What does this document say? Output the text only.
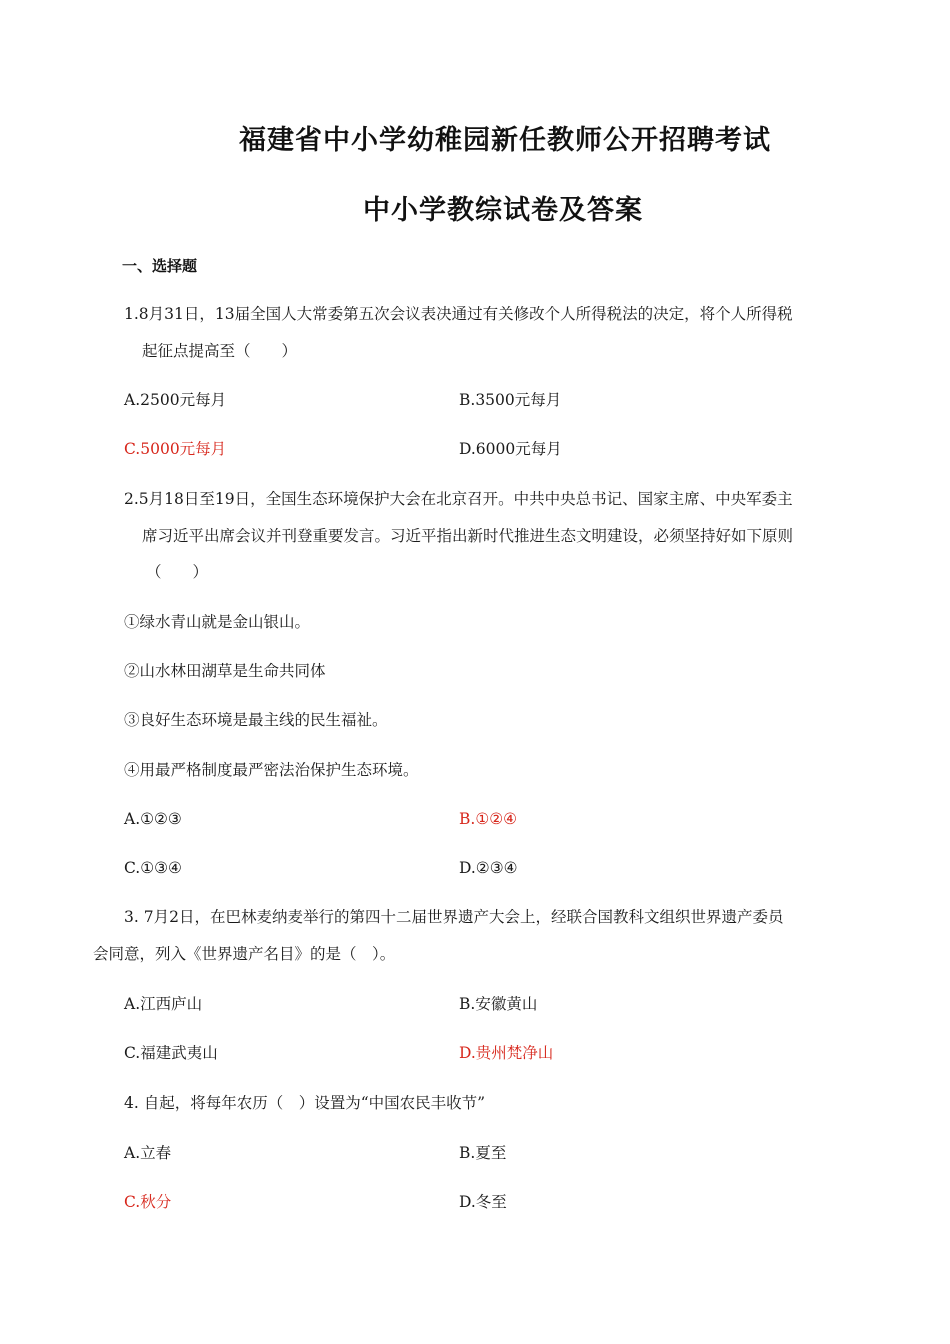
福建省中小学幼稚园新任教师公开招聘考试
中小学教综试卷及答案
一、选择题
1.8月31日，13届全国人大常委第五次会议表决通过有关修改个人所得税法的决定，将个人所得税
起征点提高至（　　）
A.2500元每月	B.3500元每月
C.5000元每月	D.6000元每月
2.5月18日至19日，全国生态环境保护大会在北京召开。中共中央总书记、国家主席、中央军委主
席习近平出席会议并刊登重要发言。习近平指出新时代推进生态文明建设，必须坚持好如下原则
（　　）
①绿水青山就是金山银山。
②山水林田湖草是生命共同体
③良好生态环境是最主线的民生福祉。
④用最严格制度最严密法治保护生态环境。
A.①②③	B.①②④
C.①③④	D.②③④
3. 7月2日，在巴林麦纳麦举行的第四十二届世界遗产大会上，经联合国教科文组织世界遗产委员
会同意，列入《世界遗产名目》的是（　）。
A.江西庐山	B.安徽黄山
C.福建武夷山	D.贵州梵净山
4. 自起，将每年农历（　）设置为“中国农民丰收节”
A.立春	B.夏至
C.秋分	D.冬至
